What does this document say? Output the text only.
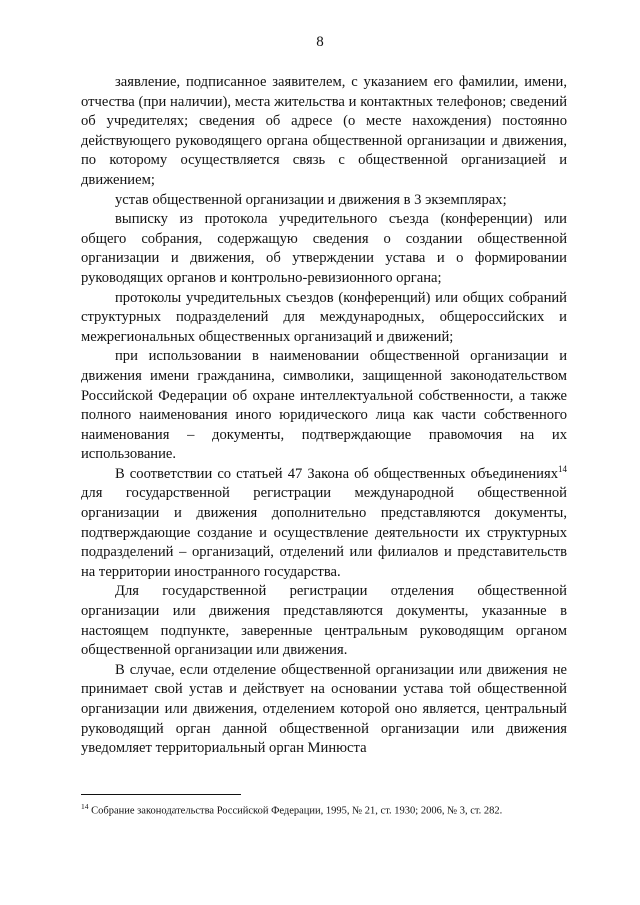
8

заявление, подписанное заявителем, с указанием его фамилии, имени, отчества (при наличии), места жительства и контактных телефонов; сведений об учредителях; сведения об адресе (о месте нахождения) постоянно действующего руководящего органа общественной организации и движения, по которому осуществляется связь с общественной организацией и движением;

устав общественной организации и движения в 3 экземплярах;

выписку из протокола учредительного съезда (конференции) или общего собрания, содержащую сведения о создании общественной организации и движения, об утверждении устава и о формировании руководящих органов и контрольно-ревизионного органа;

протоколы учредительных съездов (конференций) или общих собраний структурных подразделений для международных, общероссийских и межрегиональных общественных организаций и движений;

при использовании в наименовании общественной организации и движения имени гражданина, символики, защищенной законодательством Российской Федерации об охране интеллектуальной собственности, а также полного наименования иного юридического лица как части собственного наименования – документы, подтверждающие правомочия на их использование.

В соответствии со статьей 47 Закона об общественных объединениях$^{14}$ для государственной регистрации международной общественной организации и движения дополнительно представляются документы, подтверждающие создание и осуществление деятельности их структурных подразделений – организаций, отделений или филиалов и представительств на территории иностранного государства.

Для государственной регистрации отделения общественной организации или движения представляются документы, указанные в настоящем подпункте, заверенные центральным руководящим органом общественной организации или движения.

В случае, если отделение общественной организации или движения не принимает свой устав и действует на основании устава той общественной организации или движения, отделением которой оно является, центральный руководящий орган данной общественной организации или движения уведомляет территориальный орган Минюста

$^{14}$ Собрание законодательства Российской Федерации, 1995, № 21, ст. 1930; 2006, № 3, ст. 282.
